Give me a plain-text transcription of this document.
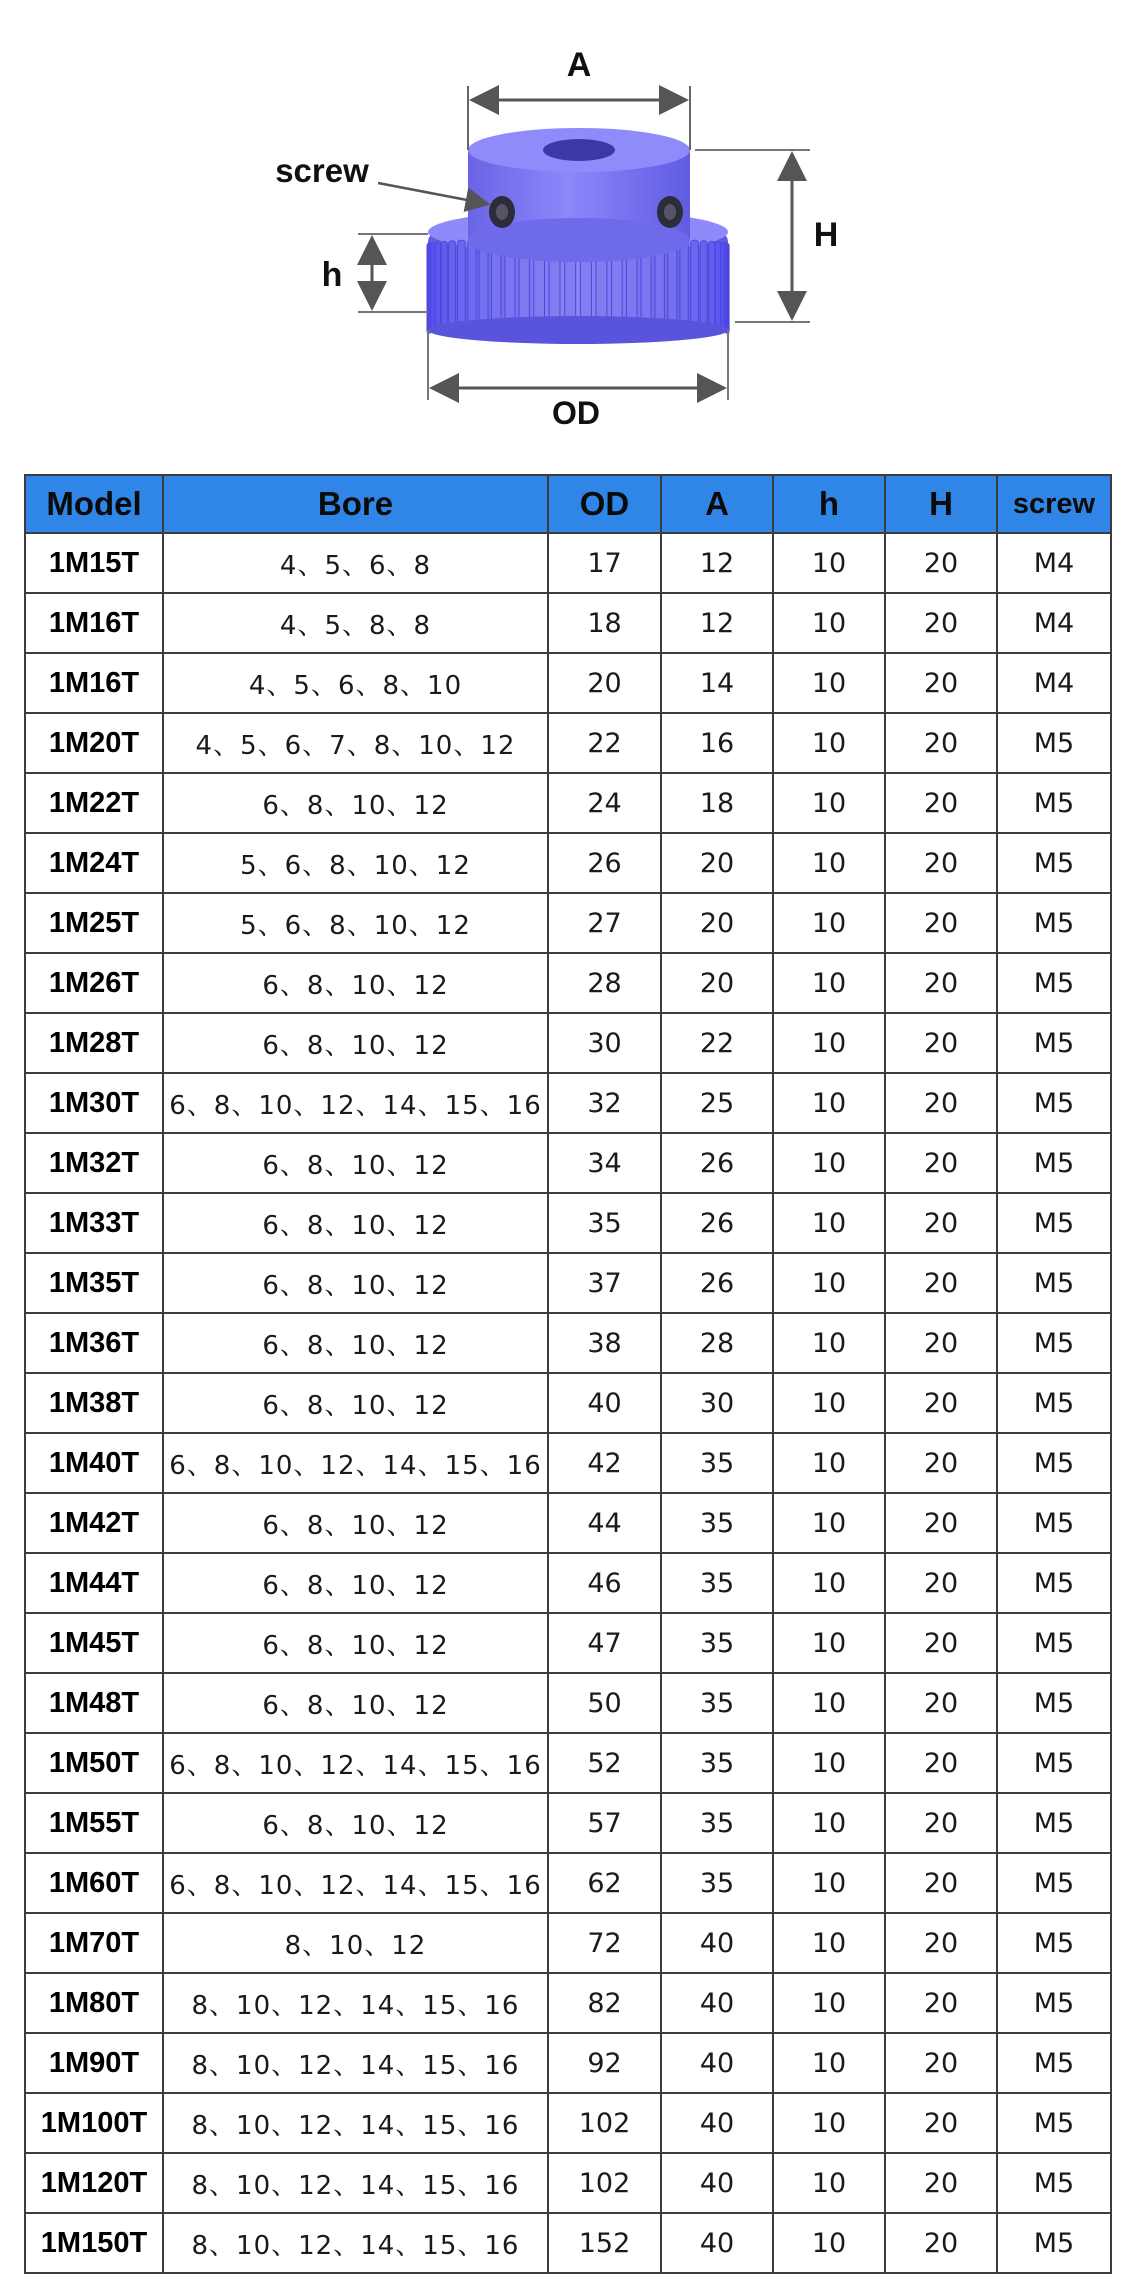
A
H
h
OD
screw
Model	Bore	OD	A	h	H	screw
1M15T	4、5、6、8	17	12	10	20	M4
1M16T	4、5、8、8	18	12	10	20	M4
1M16T	4、5、6、8、10	20	14	10	20	M4
1M20T	4、5、6、7、8、10、12	22	16	10	20	M5
1M22T	6、8、10、12	24	18	10	20	M5
1M24T	5、6、8、10、12	26	20	10	20	M5
1M25T	5、6、8、10、12	27	20	10	20	M5
1M26T	6、8、10、12	28	20	10	20	M5
1M28T	6、8、10、12	30	22	10	20	M5
1M30T	6、8、10、12、14、15、16	32	25	10	20	M5
1M32T	6、8、10、12	34	26	10	20	M5
1M33T	6、8、10、12	35	26	10	20	M5
1M35T	6、8、10、12	37	26	10	20	M5
1M36T	6、8、10、12	38	28	10	20	M5
1M38T	6、8、10、12	40	30	10	20	M5
1M40T	6、8、10、12、14、15、16	42	35	10	20	M5
1M42T	6、8、10、12	44	35	10	20	M5
1M44T	6、8、10、12	46	35	10	20	M5
1M45T	6、8、10、12	47	35	10	20	M5
1M48T	6、8、10、12	50	35	10	20	M5
1M50T	6、8、10、12、14、15、16	52	35	10	20	M5
1M55T	6、8、10、12	57	35	10	20	M5
1M60T	6、8、10、12、14、15、16	62	35	10	20	M5
1M70T	8、10、12	72	40	10	20	M5
1M80T	8、10、12、14、15、16	82	40	10	20	M5
1M90T	8、10、12、14、15、16	92	40	10	20	M5
1M100T	8、10、12、14、15、16	102	40	10	20	M5
1M120T	8、10、12、14、15、16	102	40	10	20	M5
1M150T	8、10、12、14、15、16	152	40	10	20	M5
